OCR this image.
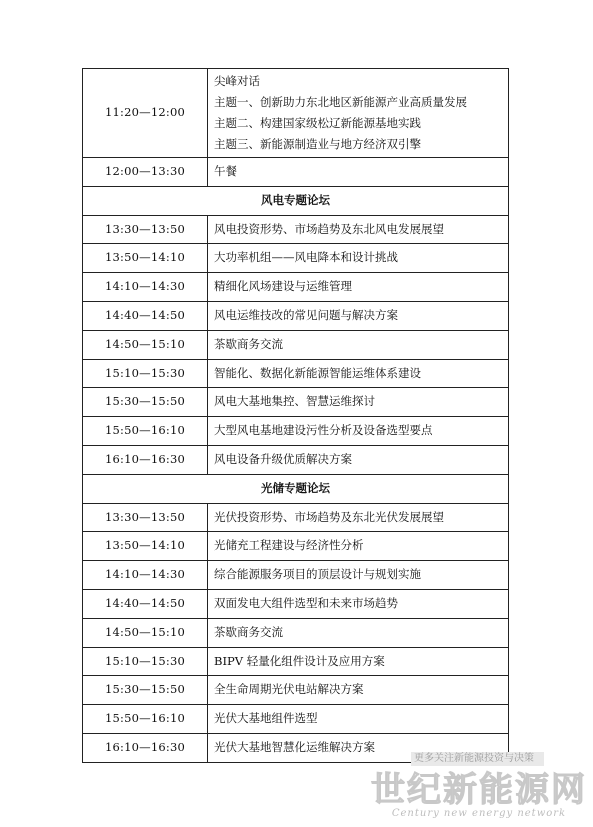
11:20—12:00	尖峰对话
主题一、创新助力东北地区新能源产业高质量发展
主题二、构建国家级松辽新能源基地实践
主题三、新能源制造业与地方经济双引擎

12:00—13:30	午餐
风电专题论坛	
13:30—13:50	风电投资形势、市场趋势及东北风电发展展望
13:50—14:10	大功率机组——风电降本和设计挑战
14:10—14:30	精细化风场建设与运维管理
14:40—14:50	风电运维技改的常见问题与解决方案
14:50—15:10	茶歇商务交流
15:10—15:30	智能化、数据化新能源智能运维体系建设
15:30—15:50	风电大基地集控、智慧运维探讨
15:50—16:10	大型风电基地建设污性分析及设备选型要点
16:10—16:30	风电设备升级优质解决方案
光储专题论坛	
13:30—13:50	光伏投资形势、市场趋势及东北光伏发展展望
13:50—14:10	光储充工程建设与经济性分析
14:10—14:30	综合能源服务项目的顶层设计与规划实施
14:40—14:50	双面发电大组件选型和未来市场趋势
14:50—15:10	茶歇商务交流
15:10—15:30	BIPV 轻量化组件设计及应用方案
15:30—15:50	全生命周期光伏电站解决方案
15:50—16:10	光伏大基地组件选型
16:10—16:30	光伏大基地智慧化运维解决方案
更多关注新能源投资与决策
世纪新能源网
Century new energy network
